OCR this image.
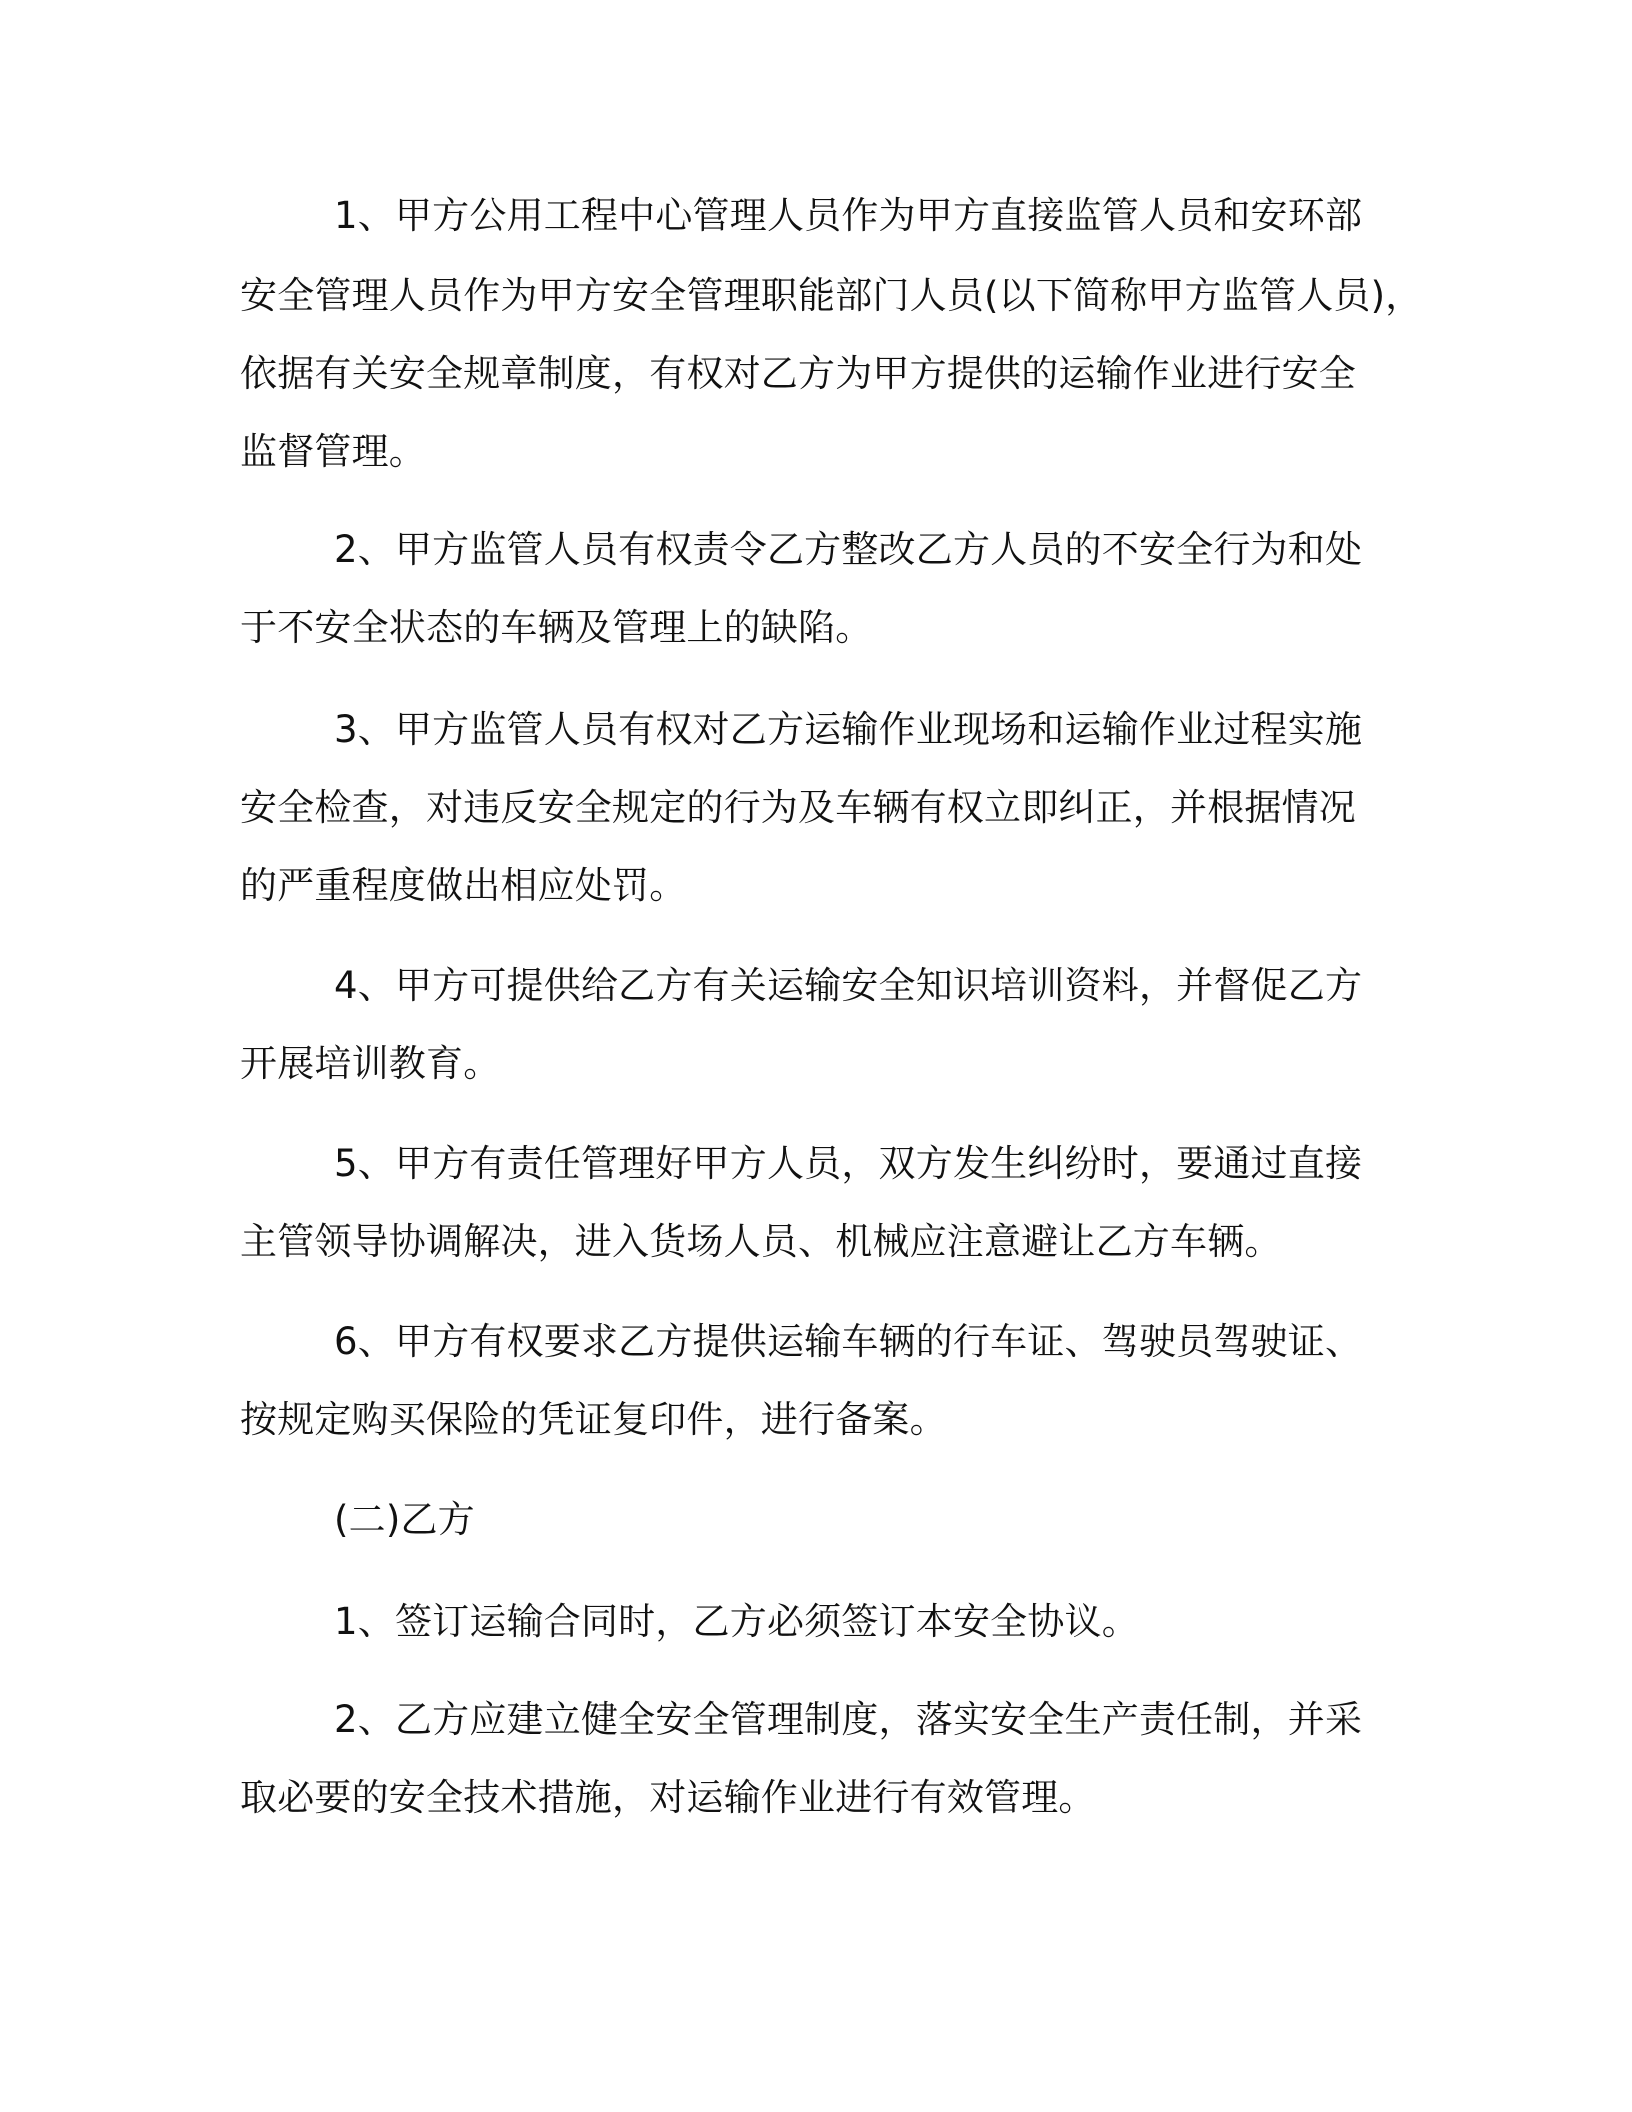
1、甲方公用工程中心管理人员作为甲方直接监管人员和安环部
安全管理人员作为甲方安全管理职能部门人员(以下简称甲方监管人员)，
依据有关安全规章制度，有权对乙方为甲方提供的运输作业进行安全
监督管理。
2、甲方监管人员有权责令乙方整改乙方人员的不安全行为和处
于不安全状态的车辆及管理上的缺陷。
3、甲方监管人员有权对乙方运输作业现场和运输作业过程实施
安全检查，对违反安全规定的行为及车辆有权立即纠正，并根据情况
的严重程度做出相应处罚。
4、甲方可提供给乙方有关运输安全知识培训资料，并督促乙方
开展培训教育。
5、甲方有责任管理好甲方人员，双方发生纠纷时，要通过直接
主管领导协调解决，进入货场人员、机械应注意避让乙方车辆。
6、甲方有权要求乙方提供运输车辆的行车证、驾驶员驾驶证、
按规定购买保险的凭证复印件，进行备案。
(二)乙方
1、签订运输合同时，乙方必须签订本安全协议。
2、乙方应建立健全安全管理制度，落实安全生产责任制，并采
取必要的安全技术措施，对运输作业进行有效管理。
